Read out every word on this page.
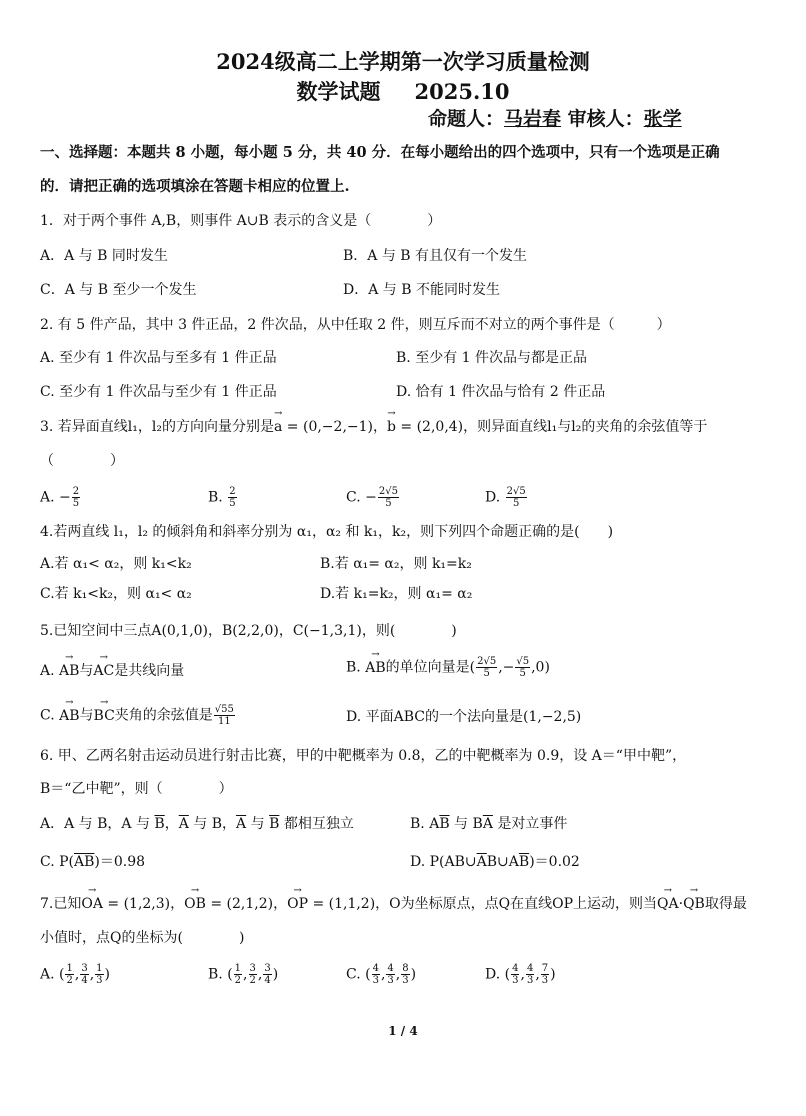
2024级高二上学期第一次学习质量检测
数学试题 2025.10
命题人：马岩春 审核人：张学
一、选择题：本题共 8 小题，每小题 5 分，共 40 分．在每小题给出的四个选项中，只有一个选项是正确
的．请把正确的选项填涂在答题卡相应的位置上.
1．对于两个事件 A,B，则事件 A∪B 表示的含义是（　　　　）
A．A 与 B 同时发生	B．A 与 B 有且仅有一个发生
C．A 与 B 至少一个发生	D．A 与 B 不能同时发生
2. 有 5 件产品，其中 3 件正品，2 件次品，从中任取 2 件，则互斥而不对立的两个事件是（　　　）
A. 至少有 1 件次品与至多有 1 件正品	B. 至少有 1 件次品与都是正品
C. 至少有 1 件次品与至少有 1 件正品	D. 恰有 1 件次品与恰有 2 件正品
3. 若异面直线l₁，l₂的方向向量分别是→ a = (0,−2,−1)，→ b = (2,0,4)，则异面直线l₁与l₂的夹角的余弦值等于
（　　　　）
A. − $\frac{2}{5}$	B. $\frac{2}{5}$	C. − $\frac{2√5}{5}$	D. $\frac{2√5}{5}$
4.若两直线 l₁，l₂ 的倾斜角和斜率分别为 α₁，α₂ 和 k₁，k₂，则下列四个命题正确的是(　　)
A.若 α₁< α₂，则 k₁<k₂	B.若 α₁= α₂，则 k₁=k₂
C.若 k₁<k₂，则 α₁< α₂	D.若 k₁=k₂，则 α₁= α₂
5.已知空间中三点A(0,1,0)，B(2,2,0)，C(−1,3,1)，则(　　　　)
A. → AB与→ AC是共线向量	B. → AB的单位向量是( $\frac{2√5}{5}$ ,− $\frac{√5}{5} ,0$)
C. → AB与→ BC夹角的余弦值是 $\frac{√55}{11}$	D. 平面ABC的一个法向量是(1,−2,5)
6. 甲、乙两名射击运动员进行射击比赛，甲的中靶概率为 0.8，乙的中靶概率为 0.9，设 A＝“甲中靶”，
B＝“乙中靶”，则（　　　　）
A．A 与 B，A 与 $\overline{B}$，$\overline{A}$ 与 B，$\overline{A}$ 与 $\overline{B}$ 都相互独立	B. $A\overline{B}$ 与 $B\overline{A}$ 是对立事件
C. $P(\overline{A}\overline{B})=0.98$	D. $P(AB\cup\overline{A}B\cup A\overline{B})=0.02$
7.已知→ OA = (1,2,3)，→ OB = (2,1,2)，→ OP = (1,1,2)，O为坐标原点，点Q在直线OP上运动，则当→ QA·→ QB取得最
小值时，点Q的坐标为(　　　　)
A. ( $\frac{1}{2}$ , $\frac{3}{4}$ , $\frac{1}{3}$ )	B. ( $\frac{1}{2}$ , $\frac{3}{2}$ , $\frac{3}{4}$ )	C. ( $\frac{4}{3}$ , $\frac{4}{3}$ , $\frac{8}{3}$ )	D. ( $\frac{4}{3}$ , $\frac{4}{3}$ , $\frac{7}{3}$ )
1 / 4
